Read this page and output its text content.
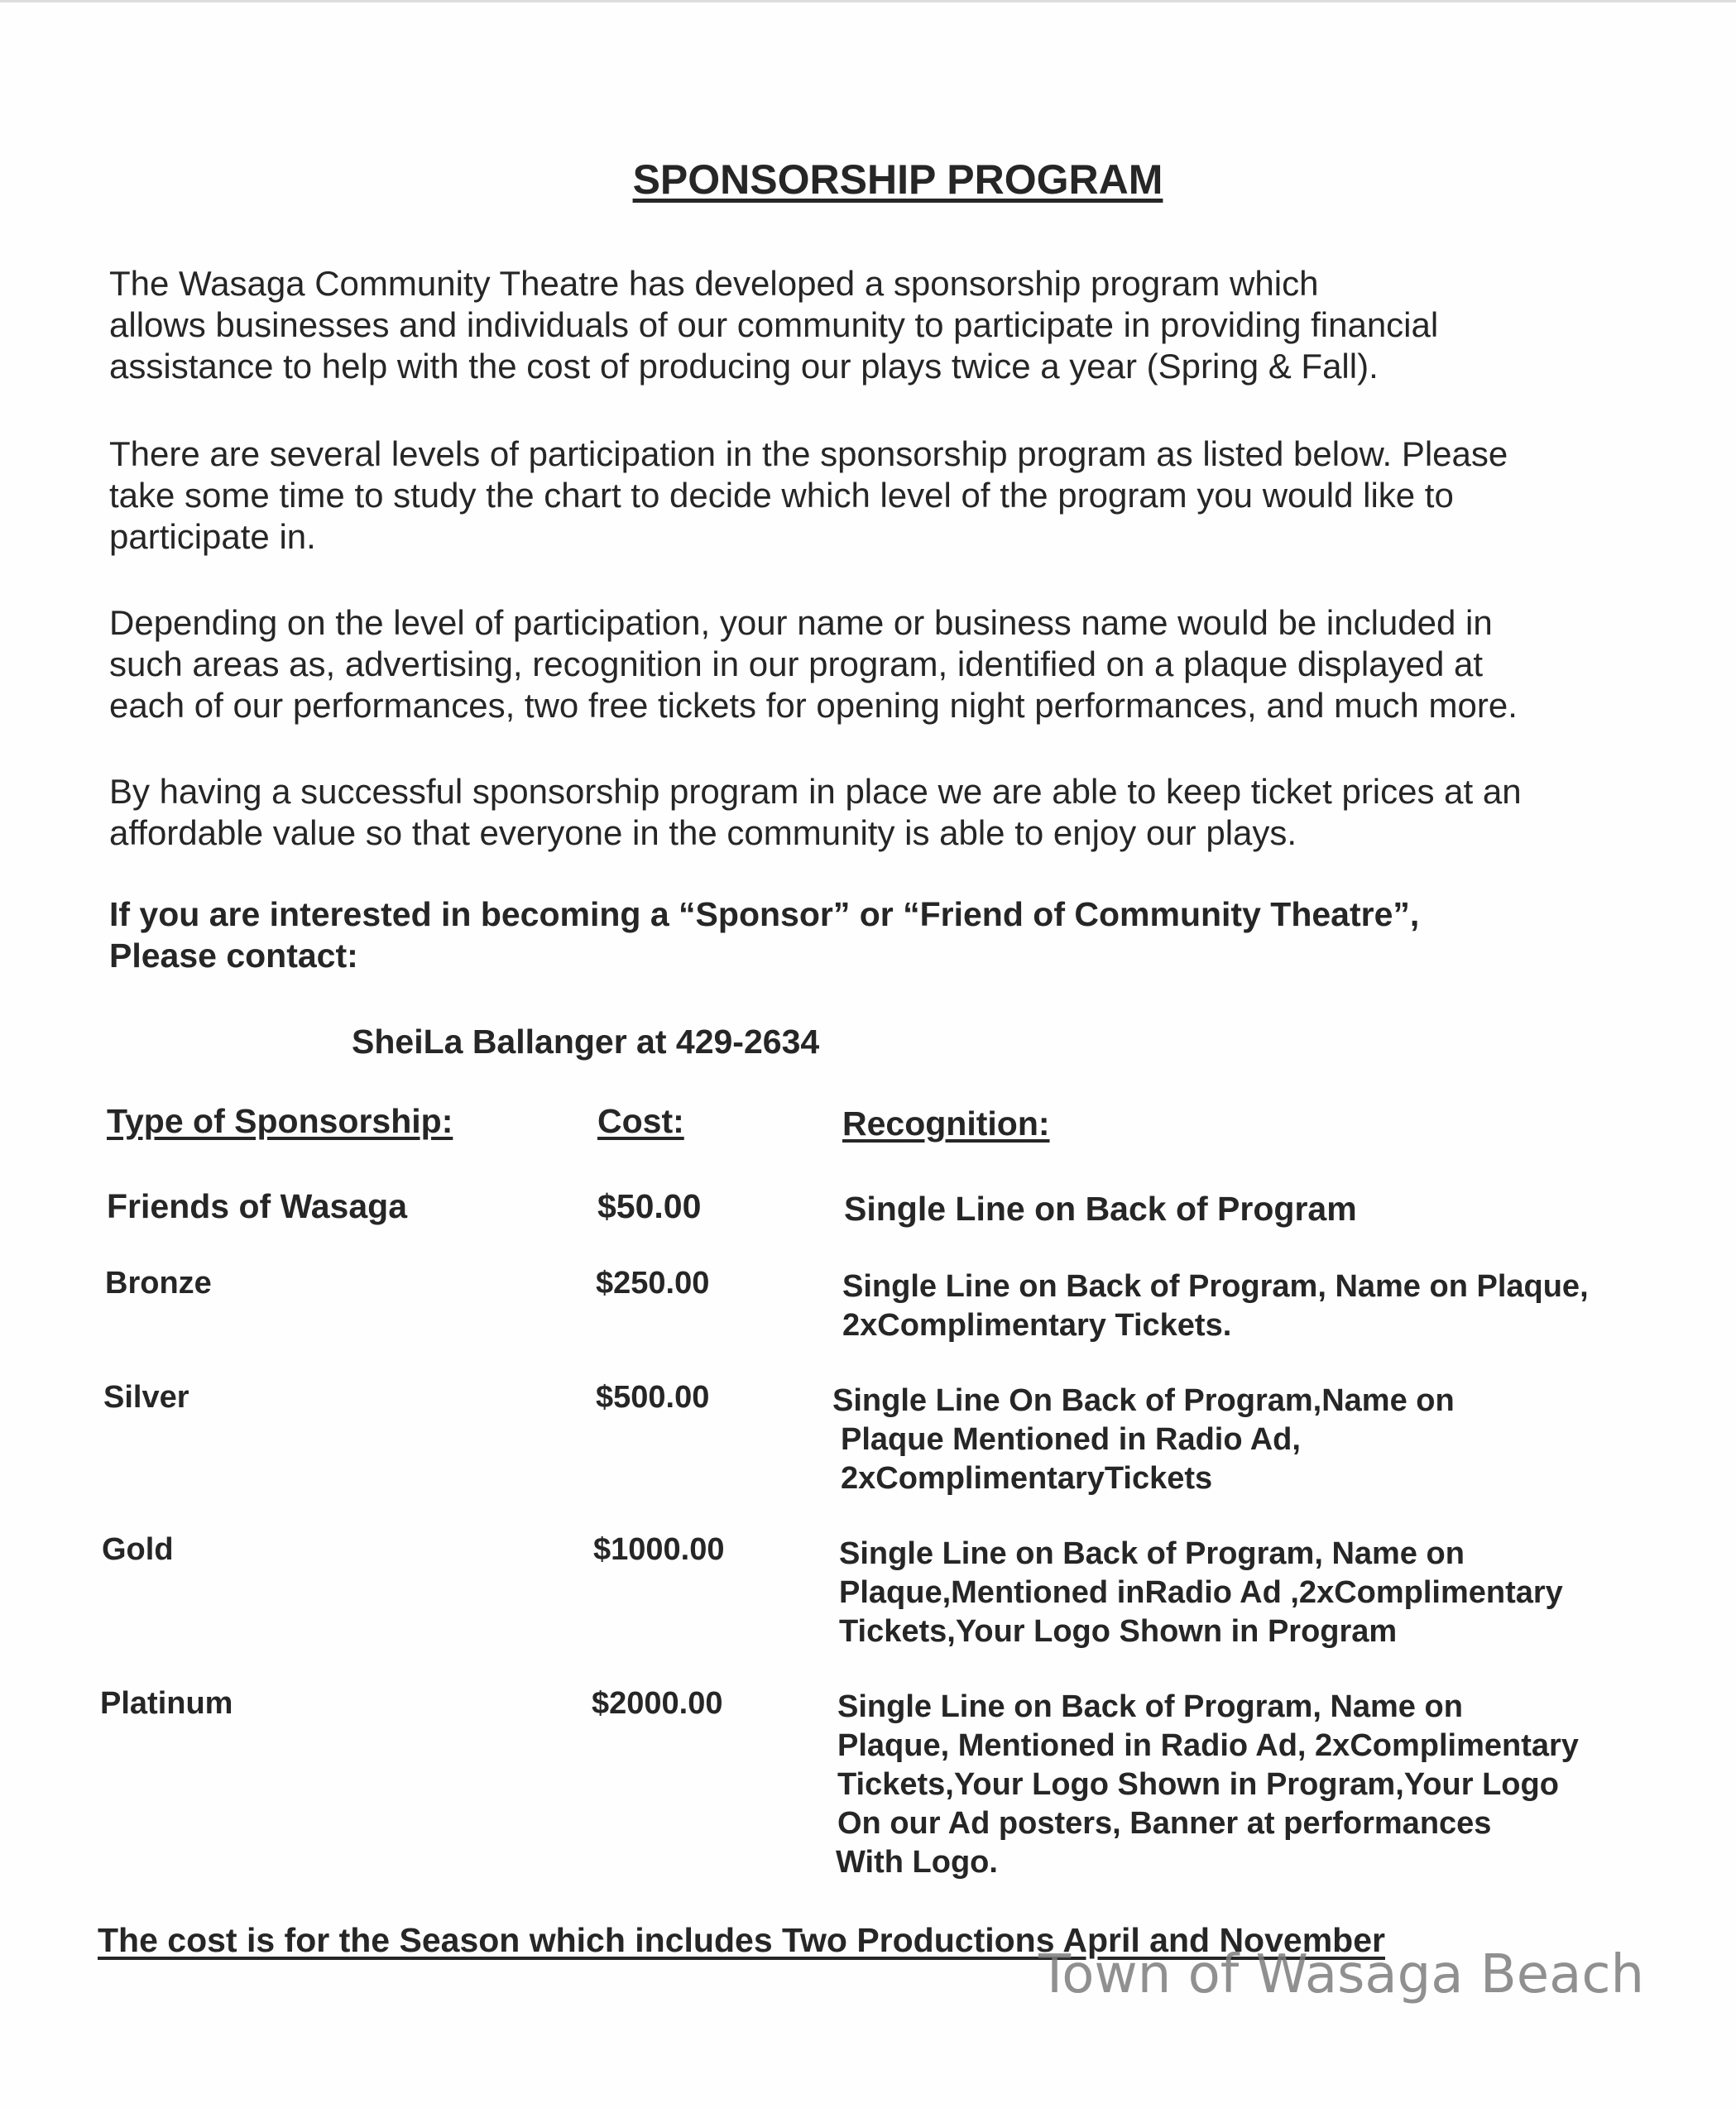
SPONSORSHIP PROGRAM
The Wasaga Community Theatre has developed a sponsorship program which
allows businesses and individuals of our community to participate in providing financial
assistance to help with the cost of producing our plays twice a year (Spring & Fall).
There are several levels of participation in the sponsorship program as listed below. Please
take some time to study the chart to decide which level of the program you would like to
participate in.
Depending on the level of participation, your name or business name would be included in
such areas as, advertising, recognition in our program, identified on a plaque displayed at
each of our performances, two free tickets for opening night performances, and much more.
By having a successful sponsorship program in place we are able to keep ticket prices at an
affordable value so that everyone in the community is able to enjoy our plays.
If you are interested in becoming a “Sponsor” or “Friend of Community Theatre”,
Please contact:
SheiLa Ballanger at 429-2634
Type of Sponsorship:	Cost:	Recognition:
Friends of Wasaga	$50.00	Single Line on Back of Program
Bronze	$250.00	Single Line on Back of Program, Name on Plaque,
2xComplimentary Tickets.
Silver	$500.00	Single Line On Back of Program,Name on
Plaque Mentioned in Radio Ad,
2xComplimentaryTickets
Gold	$1000.00	Single Line on Back of Program, Name on
Plaque,Mentioned inRadio Ad ,2xComplimentary
Tickets,Your Logo Shown in Program
Platinum	$2000.00	Single Line on Back of Program, Name on
Plaque, Mentioned in Radio Ad, 2xComplimentary
Tickets,Your Logo Shown in Program,Your Logo
On our Ad posters, Banner at performances
With Logo.
The cost is for the Season which includes Two Productions April and November
Town of Wasaga Beach
